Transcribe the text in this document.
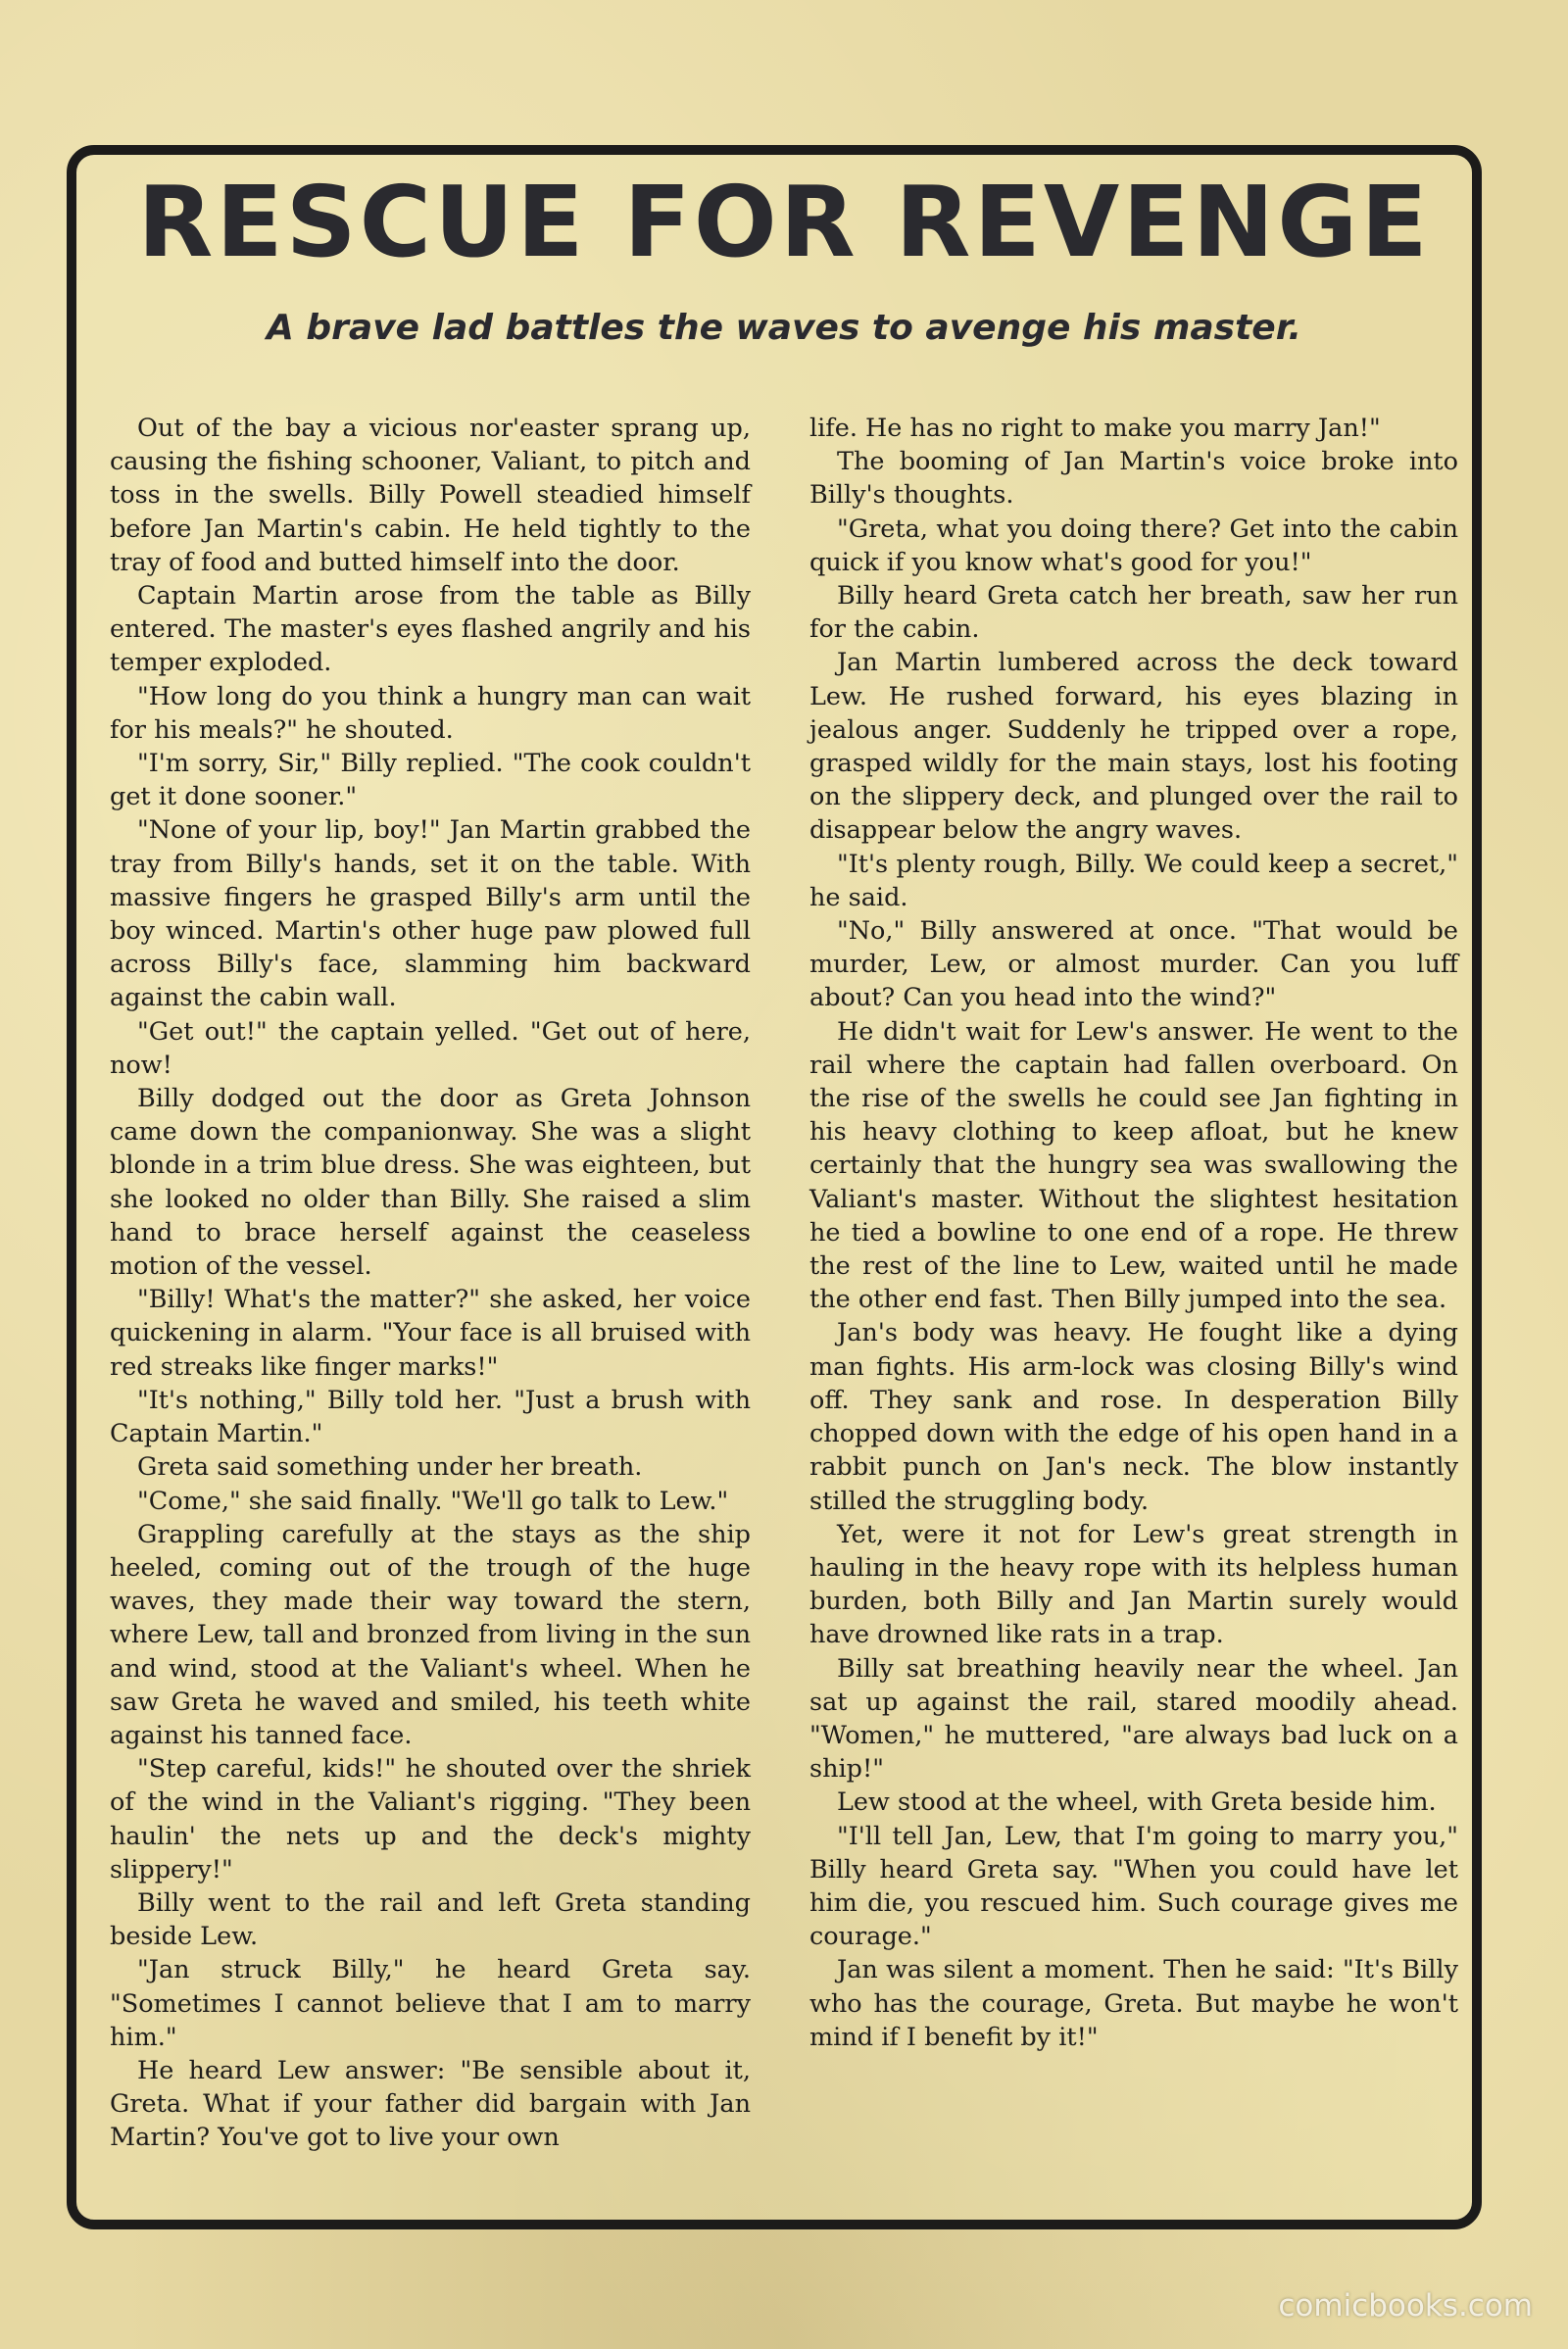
RESCUE FOR REVENGE
A brave lad battles the waves to avenge his master.

Out of the bay a vicious nor'easter sprang up, causing the fishing schooner, Valiant, to pitch and toss in the swells. Billy Powell steadied himself before Jan Martin's cabin. He held tightly to the tray of food and butted himself into the door.

Captain Martin arose from the table as Billy entered. The master's eyes flashed angrily and his temper exploded.

"How long do you think a hungry man can wait for his meals?" he shouted.

"I'm sorry, Sir," Billy replied. "The cook couldn't get it done sooner."

"None of your lip, boy!" Jan Martin grabbed the tray from Billy's hands, set it on the table. With massive fingers he grasped Billy's arm until the boy winced. Martin's other huge paw plowed full across Billy's face, slamming him backward against the cabin wall.

"Get out!" the captain yelled. "Get out of here, now!

Billy dodged out the door as Greta Johnson came down the companionway. She was a slight blonde in a trim blue dress. She was eighteen, but she looked no older than Billy. She raised a slim hand to brace herself against the ceaseless motion of the vessel.

"Billy! What's the matter?" she asked, her voice quickening in alarm. "Your face is all bruised with red streaks like finger marks!"

"It's nothing," Billy told her. "Just a brush with Captain Martin."

Greta said something under her breath.

"Come," she said finally. "We'll go talk to Lew."

Grappling carefully at the stays as the ship heeled, coming out of the trough of the huge waves, they made their way toward the stern, where Lew, tall and bronzed from living in the sun and wind, stood at the Valiant's wheel. When he saw Greta he waved and smiled, his teeth white against his tanned face.

"Step careful, kids!" he shouted over the shriek of the wind in the Valiant's rigging. "They been haulin' the nets up and the deck's mighty slippery!"

Billy went to the rail and left Greta standing beside Lew.

"Jan struck Billy," he heard Greta say. "Sometimes I cannot believe that I am to marry him."

He heard Lew answer: "Be sensible about it, Greta. What if your father did bargain with Jan Martin? You've got to live your own

life. He has no right to make you marry Jan!"

The booming of Jan Martin's voice broke into Billy's thoughts.

"Greta, what you doing there? Get into the cabin quick if you know what's good for you!"

Billy heard Greta catch her breath, saw her run for the cabin.

Jan Martin lumbered across the deck toward Lew. He rushed forward, his eyes blazing in jealous anger. Suddenly he tripped over a rope, grasped wildly for the main stays, lost his footing on the slippery deck, and plunged over the rail to disappear below the angry waves.

"It's plenty rough, Billy. We could keep a secret," he said.

"No," Billy answered at once. "That would be murder, Lew, or almost murder. Can you luff about? Can you head into the wind?"

He didn't wait for Lew's answer. He went to the rail where the captain had fallen overboard. On the rise of the swells he could see Jan fighting in his heavy clothing to keep afloat, but he knew certainly that the hungry sea was swallowing the Valiant's master. Without the slightest hesitation he tied a bowline to one end of a rope. He threw the rest of the line to Lew, waited until he made the other end fast. Then Billy jumped into the sea.

Jan's body was heavy. He fought like a dying man fights. His arm-lock was closing Billy's wind off. They sank and rose. In desperation Billy chopped down with the edge of his open hand in a rabbit punch on Jan's neck. The blow instantly stilled the struggling body.

Yet, were it not for Lew's great strength in hauling in the heavy rope with its helpless human burden, both Billy and Jan Martin surely would have drowned like rats in a trap.

Billy sat breathing heavily near the wheel. Jan sat up against the rail, stared moodily ahead. "Women," he muttered, "are always bad luck on a ship!"

Lew stood at the wheel, with Greta beside him.

"I'll tell Jan, Lew, that I'm going to marry you," Billy heard Greta say. "When you could have let him die, you rescued him. Such courage gives me courage."

Jan was silent a moment. Then he said: "It's Billy who has the courage, Greta. But maybe he won't mind if I benefit by it!"

comicbooks.com
